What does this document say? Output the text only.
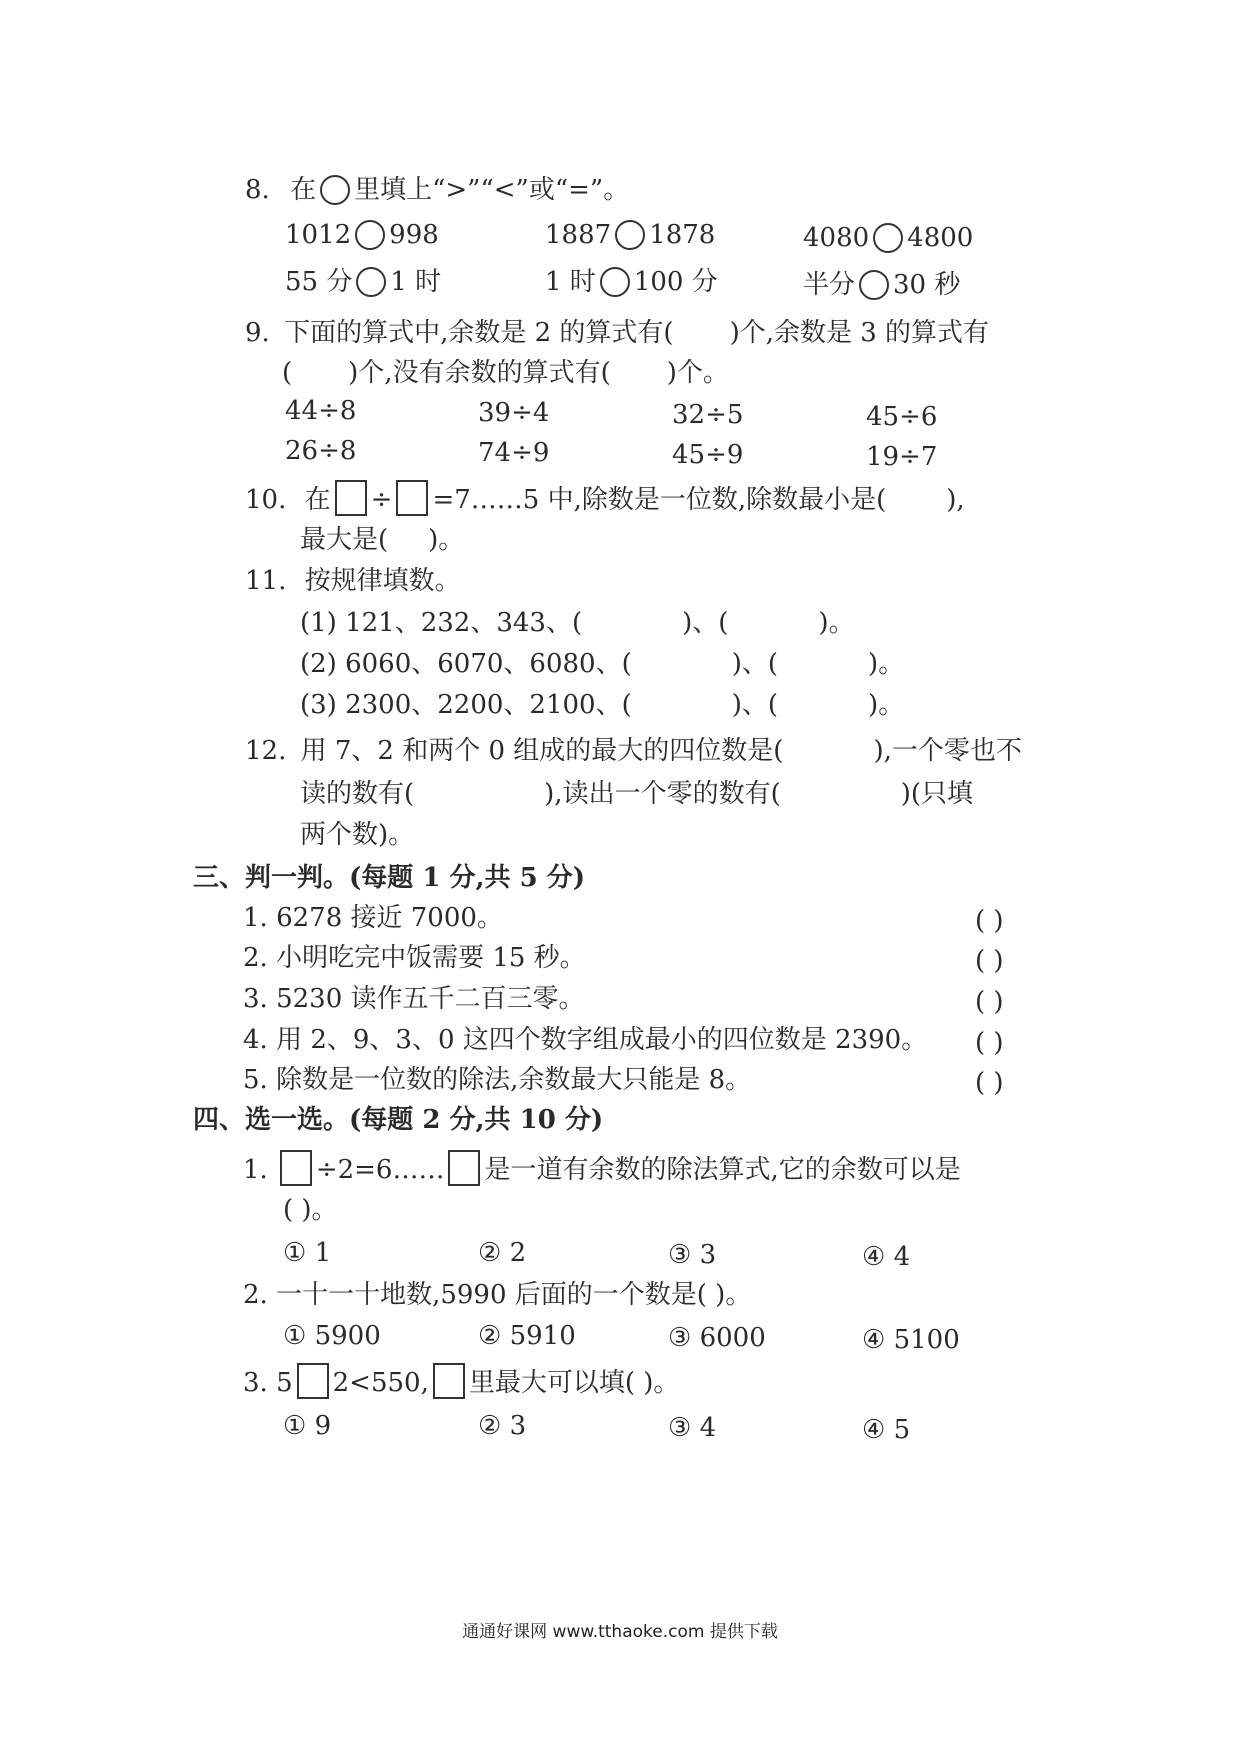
8. 在 里填上“>”“<”或“=”。
1012 998	1887 1878	4080 4800
55 分 1 时	1 时 100 分	半分 30 秒
9. 下面的算式中,余数是 2 的算式有( )个,余数是 3 的算式有
( )个,没有余数的算式有( )个。
44÷8	39÷4	32÷5	45÷6
26÷8	74÷9	45÷9	19÷7
10. 在 ÷ =7……5 中,除数是一位数,除数最小是( ),
最大是( )。
11. 按规律填数。
(1) 121、232、343、(	)、(	)。
(2) 6060、6070、6080、(	)、(	)。
(3) 2300、2200、2100、(	)、(	)。
12. 用 7、2 和两个 0 组成的最大的四位数是(	),一个零也不
读的数有(	),读出一个零的数有(	)(只填
两个数)。
三、判一判。(每题 1 分,共 5 分)
1. 6278 接近 7000。	( )
2. 小明吃完中饭需要 15 秒。	( )
3. 5230 读作五千二百三零。	( )
4. 用 2、9、3、0 这四个数字组成最小的四位数是 2390。 ( )
5. 除数是一位数的除法,余数最大只能是 8。	( )
四、选一选。(每题 2 分,共 10 分)
1. ÷2=6…… 是一道有余数的除法算式,它的余数可以是
( )。
① 1	② 2	③ 3	④ 4
2. 一十一十地数,5990 后面的一个数是( )。
① 5900	② 5910	③ 6000	④ 5100
3. 5 2<550, 里最大可以填( )。
① 9	② 3	③ 4	④ 5
通通好课网 www.tthaoke.com 提供下载
